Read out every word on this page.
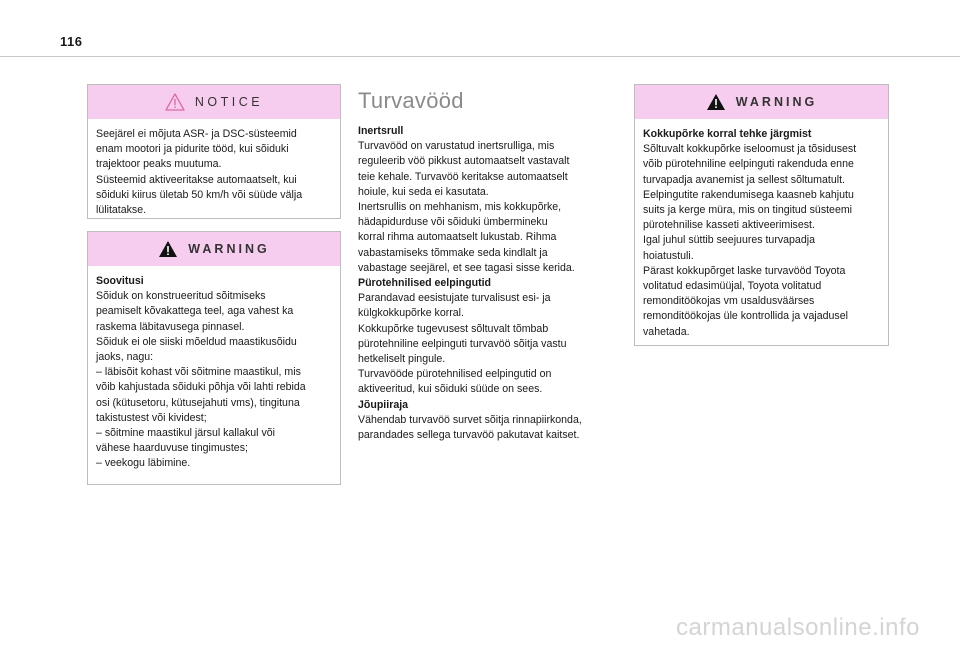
116
NOTICE

Seejärel ei mõjuta ASR- ja DSC-süsteemid

enam mootori ja pidurite tööd, kui sõiduki

trajektoor peaks muutuma.

Süsteemid aktiveeritakse automaatselt, kui

sõiduki kiirus ületab 50 km/h või süüde välja

lülitatakse.

WARNING

Soovitusi

Sõiduk on konstrueeritud sõitmiseks

peamiselt kõvakattega teel, aga vahest ka

raskema läbitavusega pinnasel.

Sõiduk ei ole siiski mõeldud maastikusõidu

jaoks, nagu:

– läbisõit kohast või sõitmine maastikul, mis

võib kahjustada sõiduki põhja või lahti rebida

osi (kütusetoru, kütusejahuti vms), tingituna

takistustest või kividest;

– sõitmine maastikul järsul kallakul või

vähese haarduvuse tingimustes;

– veekogu läbimine.

Turvavööd

Inertsrull

Turvavööd on varustatud inertsrulliga, mis

reguleerib vöö pikkust automaatselt vastavalt

teie kehale. Turvavöö keritakse automaatselt

hoiule, kui seda ei kasutata.

Inertsrullis on mehhanism, mis kokkupõrke,

hädapidurduse või sõiduki ümbermineku

korral rihma automaatselt lukustab. Rihma

vabastamiseks tõmmake seda kindlalt ja

vabastage seejärel, et see tagasi sisse kerida.

Pürotehnilised eelpingutid

Parandavad eesistujate turvalisust esi- ja

külgkokkupõrke korral.

Kokkupõrke tugevusest sõltuvalt tõmbab

pürotehniline eelpinguti turvavöö sõitja vastu

hetkeliselt pingule.

Turvavööde pürotehnilised eelpingutid on

aktiveeritud, kui sõiduki süüde on sees.

Jõupiiraja

Vähendab turvavöö survet sõitja rinnapiirkonda,

parandades sellega turvavöö pakutavat kaitset.

WARNING

Kokkupõrke korral tehke järgmist

Sõltuvalt kokkupõrke iseloomust ja tõsidusest

võib pürotehniline eelpinguti rakenduda enne

turvapadja avanemist ja sellest sõltumatult.

Eelpingutite rakendumisega kaasneb kahjutu

suits ja kerge müra, mis on tingitud süsteemi

pürotehnilise kasseti aktiveerimisest.

Igal juhul süttib seejuures turvapadja

hoiatustuli.

Pärast kokkupõrget laske turvavööd Toyota

volitatud edasimüüjal, Toyota volitatud

remonditöökojas vm usaldusväärses

remonditöökojas üle kontrollida ja vajadusel

vahetada.

carmanualsonline.info
